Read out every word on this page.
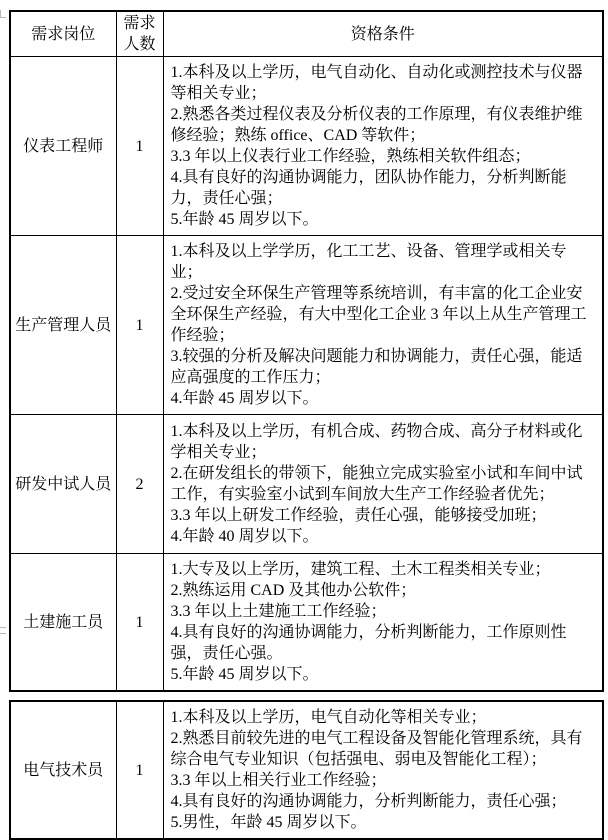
需求岗位	需求人数	资格条件
仪表工程师	1	1.本科及以上学历，电气自动化、自动化或测控技术与仪器等相关专业；
2.熟悉各类过程仪表及分析仪表的工作原理，有仪表维护维修经验；熟练 office、CAD 等软件；
3.3 年以上仪表行业工作经验，熟练相关软件组态；
4.具有良好的沟通协调能力，团队协作能力，分析判断能力，责任心强；
5.年龄 45 周岁以下。

生产管理人员	1	1.本科及以上学学历，化工工艺、设备、管理学或相关专业；
2.受过安全环保生产管理等系统培训，有丰富的化工企业安全环保生产经验，有大中型化工企业 3 年以上从生产管理工作经验；
3.较强的分析及解决问题能力和协调能力，责任心强，能适应高强度的工作压力；
4.年龄 45 周岁以下。

研发中试人员	2	1.本科及以上学历，有机合成、药物合成、高分子材料或化学相关专业；
2.在研发组长的带领下，能独立完成实验室小试和车间中试工作，有实验室小试到车间放大生产工作经验者优先；
3.3 年以上研发工作经验，责任心强，能够接受加班；
4.年龄 40 周岁以下。

土建施工员	1	1.大专及以上学历，建筑工程、土木工程类相关专业；
2.熟练运用 CAD 及其他办公软件；
3.3 年以上土建施工工作经验；
4.具有良好的沟通协调能力，分析判断能力，工作原则性强，责任心强。
5.年龄 45 周岁以下。
电气技术员	1	
1.本科及以上学历，电气自动化等相关专业；
2.熟悉目前较先进的电气工程设备及智能化管理系统，具有综合电气专业知识（包括强电、弱电及智能化工程）；
3.3 年以上相关行业工作经验；
4.具有良好的沟通协调能力，分析判断能力，责任心强；
5.男性，年龄 45 周岁以下。
